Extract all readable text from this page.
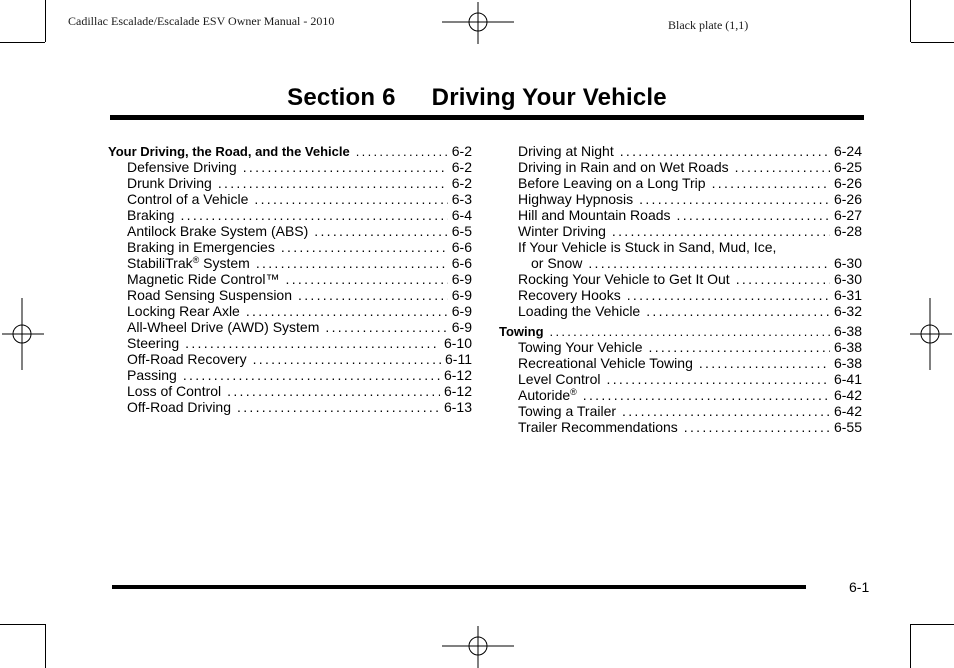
Cadillac Escalade/Escalade ESV Owner Manual - 2010	Black plate (1,1)
Section 6 Driving Your Vehicle
Your Driving, the Road, and the Vehicle .....	6-2
Defensive Driving .....	6-2
Drunk Driving .....	6-2
Control of a Vehicle .....	6-3
Braking .....	6-4
Antilock Brake System (ABS) .....	6-5
Braking in Emergencies .....	6-6
StabiliTrak® System .....	6-6
Magnetic Ride Control™ .....	6-9
Road Sensing Suspension .....	6-9
Locking Rear Axle .....	6-9
All-Wheel Drive (AWD) System .....	6-9
Steering .....	6-10
Off-Road Recovery .....	6-11
Passing .....	6-12
Loss of Control .....	6-12
Off-Road Driving .....	6-13
Driving at Night .....	6-24
Driving in Rain and on Wet Roads .....	6-25
Before Leaving on a Long Trip .....	6-26
Highway Hypnosis .....	6-26
Hill and Mountain Roads .....	6-27
Winter Driving .....	6-28
If Your Vehicle is Stuck in Sand, Mud, Ice,
or Snow .....	6-30
Rocking Your Vehicle to Get It Out .....	6-30
Recovery Hooks .....	6-31
Loading the Vehicle .....	6-32
Towing .....	6-38
Towing Your Vehicle .....	6-38
Recreational Vehicle Towing .....	6-38
Level Control .....	6-41
Autoride® .....	6-42
Towing a Trailer .....	6-42
Trailer Recommendations .....	6-55
6-1
